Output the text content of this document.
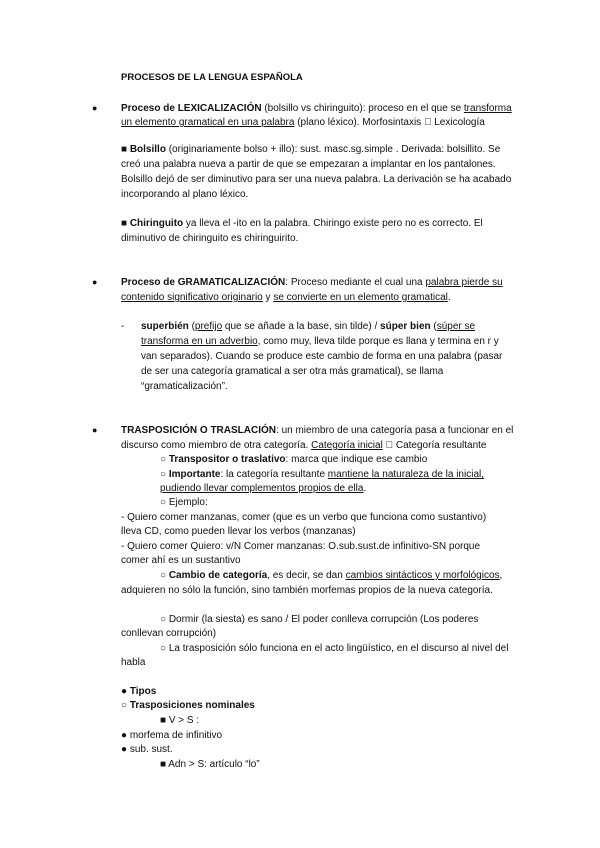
PROCESOS DE LA LENGUA ESPAÑOLA
● Proceso de LEXICALIZACIÓN (bolsillo vs chiringuito): proceso en el que se transforma
un elemento gramatical en una palabra (plano léxico). Morfosintaxis   Lexicología
■ Bolsillo (originariamente bolso + illo): sust. masc.sg.simple . Derivada: bolsillito. Se
creó una palabra nueva a partir de que se empezaran a implantar en los pantalones.
Bolsillo dejó de ser diminutivo para ser una nueva palabra. La derivación se ha acabado
incorporando al plano léxico.
■ Chiringuito ya lleva el -ito en la palabra. Chiringo existe pero no es correcto. El
diminutivo de chiringuito es chiringuirito.
● Proceso de GRAMATICALIZACIÓN: Proceso mediante el cual una palabra pierde su
contenido significativo originario y se convierte en un elemento gramatical.
- superbién (prefijo que se añade a la base, sin tilde) / súper bien (súper se
transforma en un adverbio, como muy, lleva tilde porque es llana y termina en r y
van separados). Cuando se produce este cambio de forma en una palabra (pasar
de ser una categoría gramatical a ser otra más gramatical), se llama
“gramaticalización”.
● TRASPOSICIÓN O TRASLACIÓN: un miembro de una categoría pasa a funcionar en el
discurso como miembro de otra categoría. Categoría inicial   Categoría resultante
○ Transpositor o traslativo: marca que indique ese cambio
○ Importante: la categoría resultante mantiene la naturaleza de la inicial,
pudiendo llevar complementos propios de ella.
○ Ejemplo:
- Quiero comer manzanas, comer (que es un verbo que funciona como sustantivo)
lleva CD, como pueden llevar los verbos (manzanas)
- Quiero comer Quiero: v/N Comer manzanas: O.sub.sust.de infinitivo-SN porque
comer ahí es un sustantivo
○ Cambio de categoría, es decir, se dan cambios sintácticos y morfológicos,
adquieren no sólo la función, sino también morfemas propios de la nueva categoría.
○ Dormir (la siesta) es sano / El poder conlleva corrupción (Los poderes
conllevan corrupción)
○ La trasposición sólo funciona en el acto lingüístico, en el discurso al nivel del
habla
● Tipos
○ Trasposiciones nominales
■ V > S :
● morfema de infinitivo
● sub. sust.
■ Adn > S: artículo “lo”
